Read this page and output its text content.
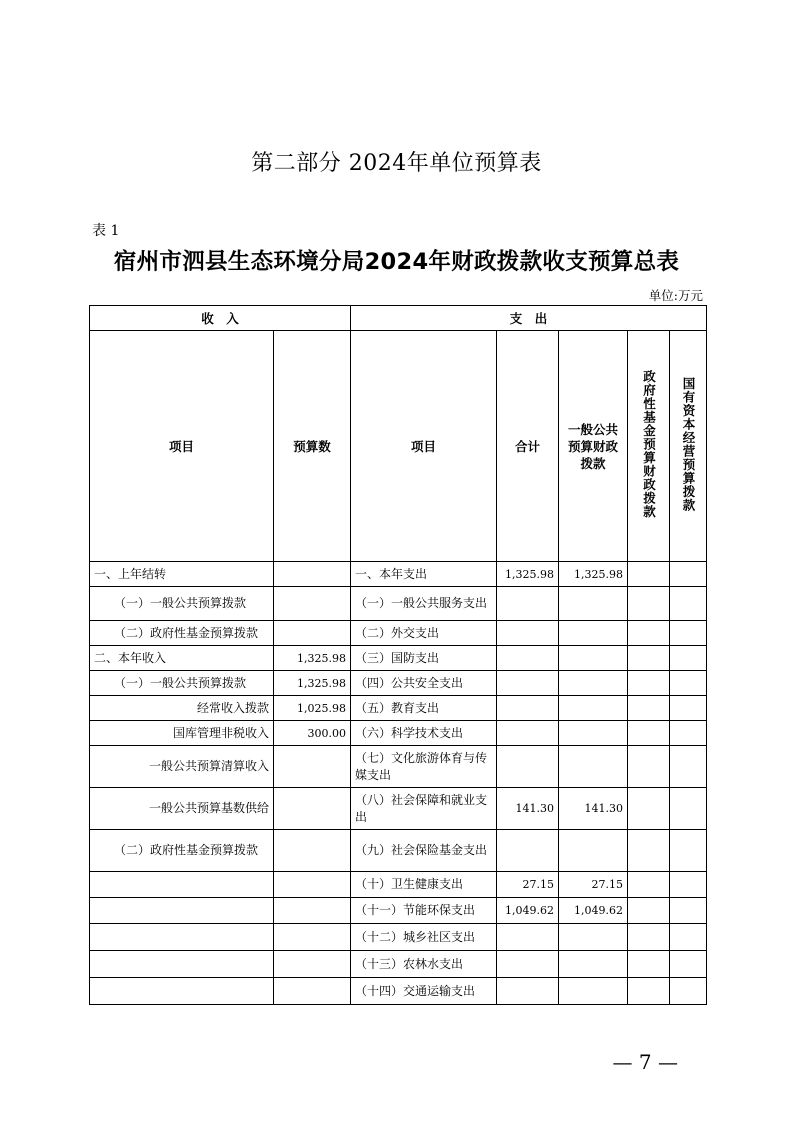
第二部分 2024年单位预算表
表 1
宿州市泗县生态环境分局2024年财政拨款收支预算总表
单位:万元
收　入		支　出				
项目	预算数	项目	合计	一般公共预算财政拨款	政府性基金预算财政拨款	国有资本经营预算拨款
一、上年结转		一、本年支出	1,325.98	1,325.98		
（一）一般公共预算拨款		（一）一般公共服务支出				
（二）政府性基金预算拨款		（二）外交支出				
二、本年收入	1,325.98	（三）国防支出				
（一）一般公共预算拨款	1,325.98	（四）公共安全支出				
经常收入拨款	1,025.98	（五）教育支出				
国库管理非税收入	300.00	（六）科学技术支出				
一般公共预算清算收入		（七）文化旅游体育与传媒支出				
一般公共预算基数供给		（八）社会保障和就业支出	141.30	141.30		
（二）政府性基金预算拨款		（九）社会保险基金支出				
		（十）卫生健康支出	27.15	27.15		
		（十一）节能环保支出	1,049.62	1,049.62		
		（十二）城乡社区支出				
		（十三）农林水支出				
		（十四）交通运输支出				
— 7 —
